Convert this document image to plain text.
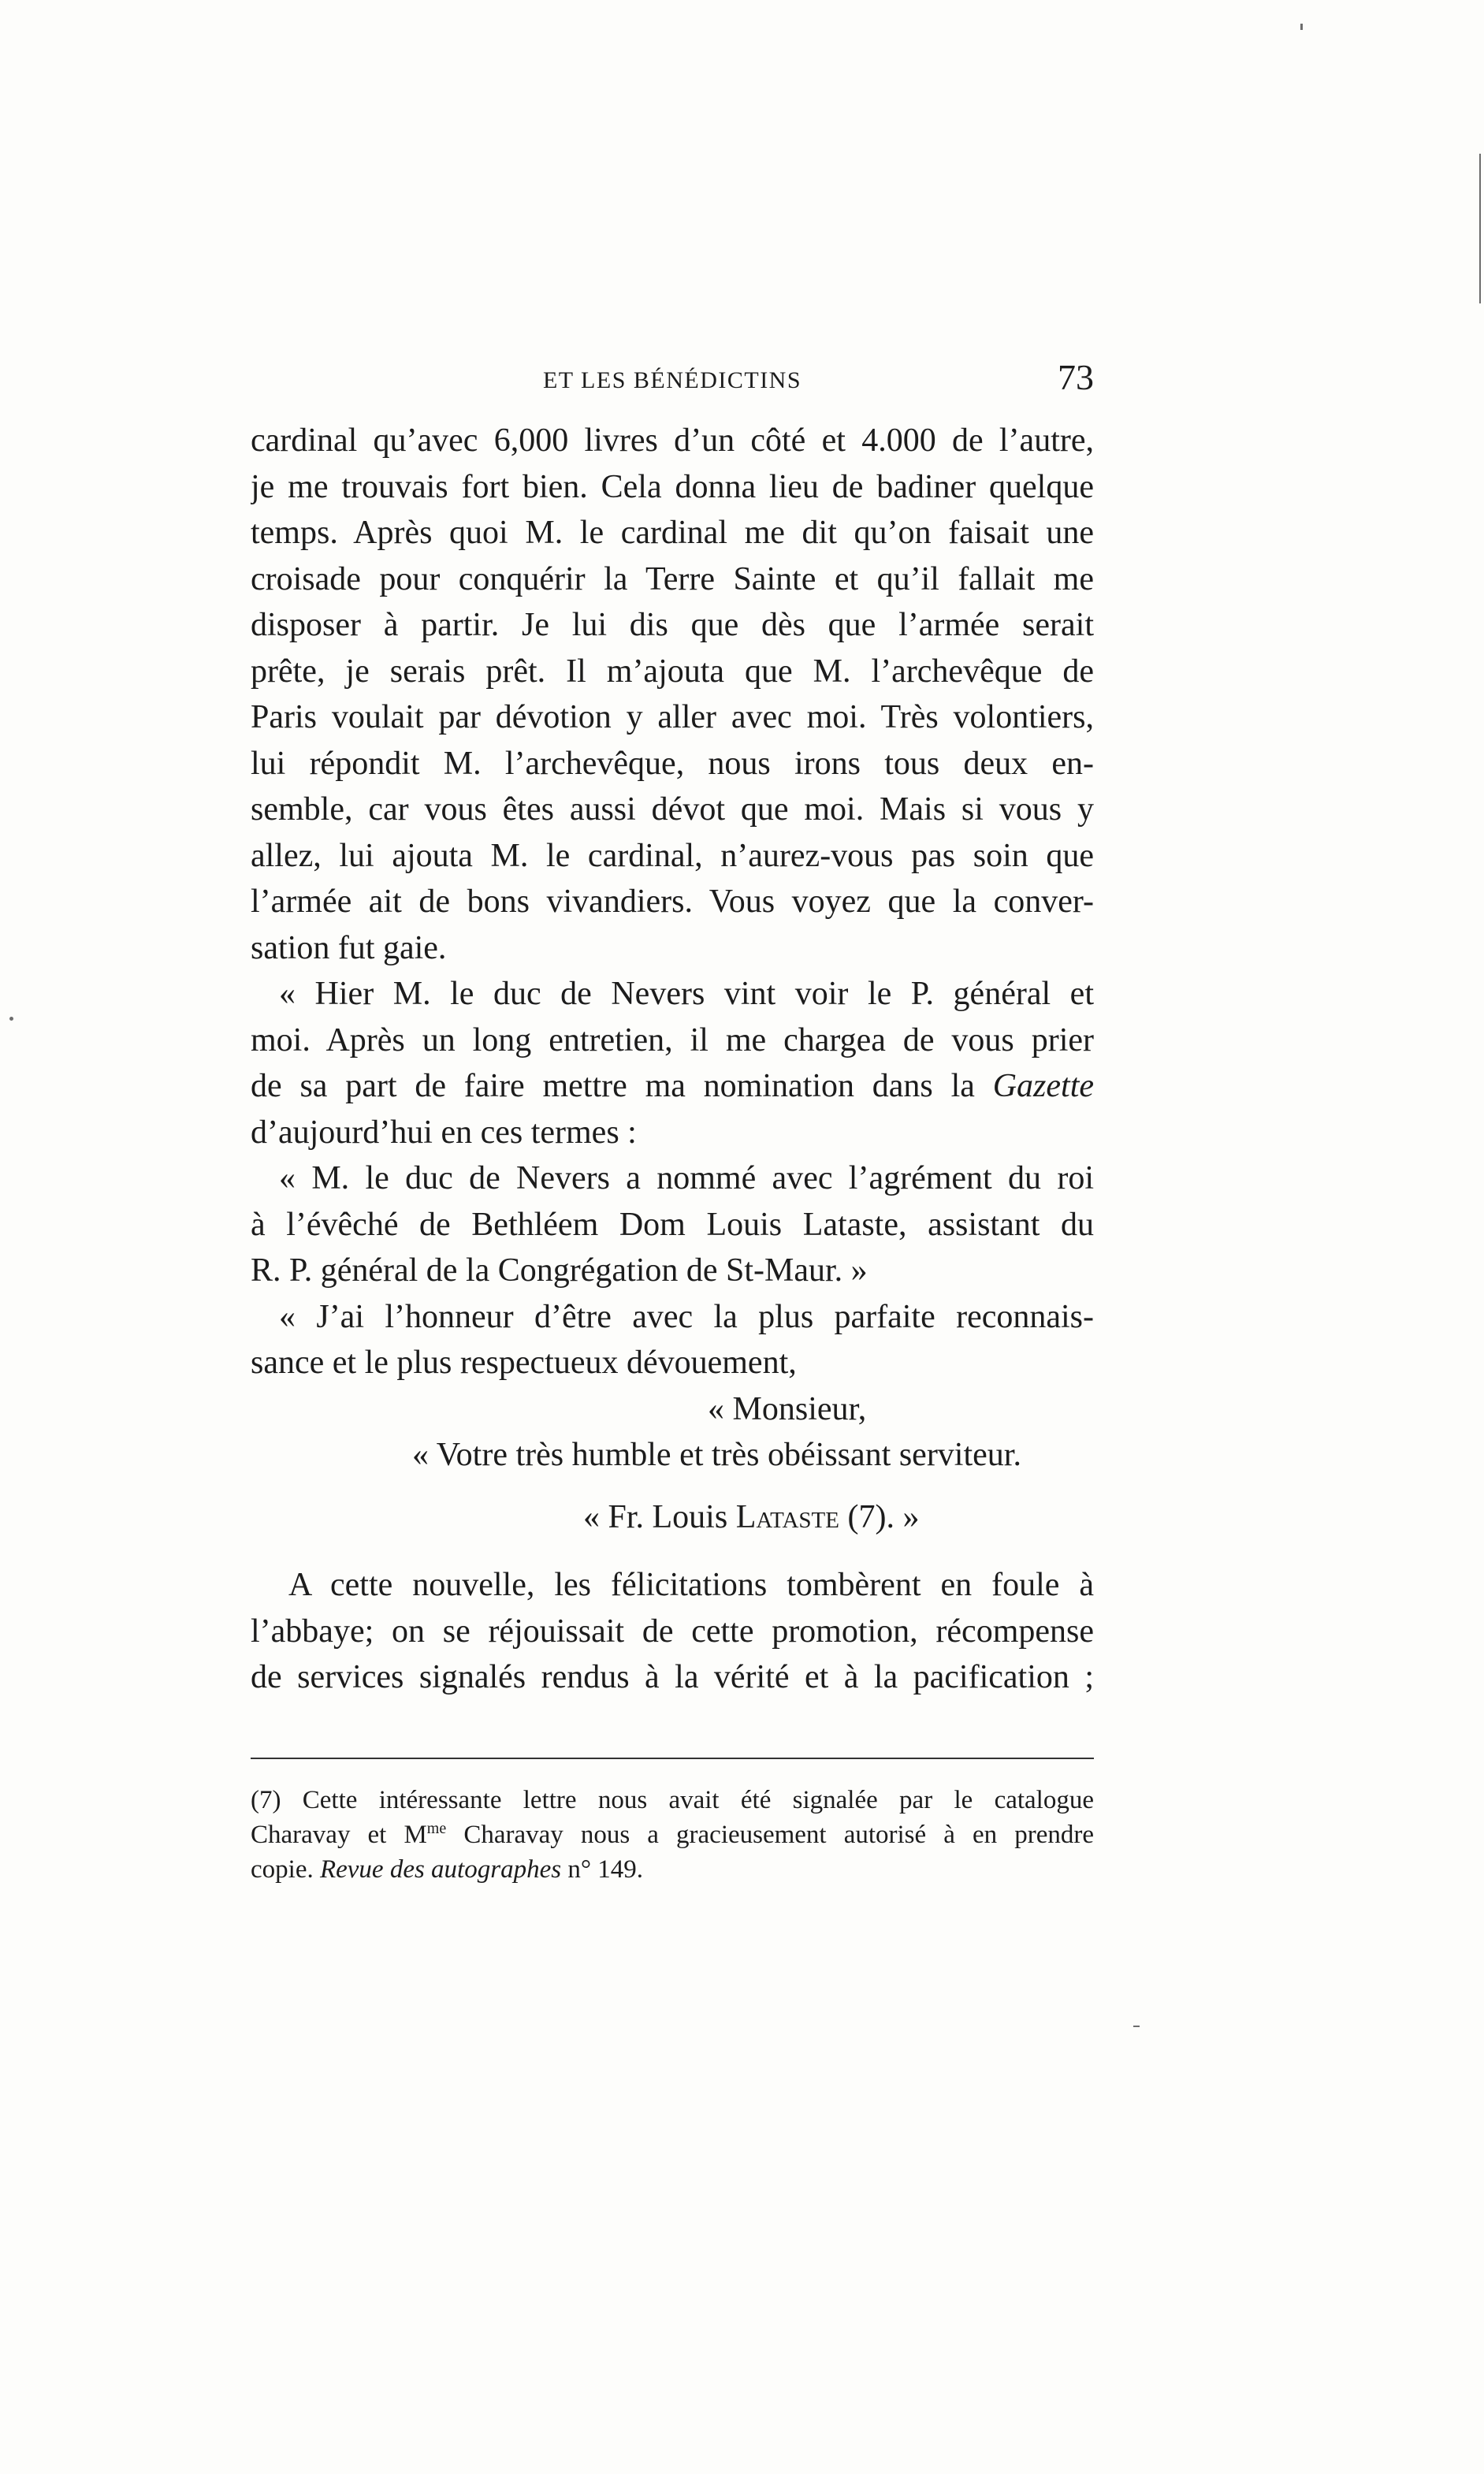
ET LES BÉNÉDICTINS	73
cardinal qu’avec 6,000 livres d’un côté et 4.000 de l’autre,
je me trouvais fort bien. Cela donna lieu de badiner quelque
temps. Après quoi M. le cardinal me dit qu’on faisait une
croisade pour conquérir la Terre Sainte et qu’il fallait me
disposer à partir. Je lui dis que dès que l’armée serait
prête, je serais prêt. Il m’ajouta que M. l’archevêque de
Paris voulait par dévotion y aller avec moi. Très volontiers,
lui répondit M. l’archevêque, nous irons tous deux en-
semble, car vous êtes aussi dévot que moi. Mais si vous y
allez, lui ajouta M. le cardinal, n’aurez-vous pas soin que
l’armée ait de bons vivandiers. Vous voyez que la conver-
sation fut gaie.
« Hier M. le duc de Nevers vint voir le P. général et
moi. Après un long entretien, il me chargea de vous prier
de sa part de faire mettre ma nomination dans la Gazette
d’aujourd’hui en ces termes :
« M. le duc de Nevers a nommé avec l’agrément du roi
à l’évêché de Bethléem Dom Louis Lataste, assistant du
R. P. général de la Congrégation de St-Maur. »
« J’ai l’honneur d’être avec la plus parfaite reconnais-
sance et le plus respectueux dévouement,
« Monsieur,
« Votre très humble et très obéissant serviteur.
« Fr. Louis Lataste (7). »
A cette nouvelle, les félicitations tombèrent en foule à
l’abbaye; on se réjouissait de cette promotion, récompense
de services signalés rendus à la vérité et à la pacification ;
(7) Cette intéressante lettre nous avait été signalée par le catalogue
Charavay et $M^{me}$ Charavay nous a gracieusement autorisé à en prendre
copie. Revue des autographes n° 149.
